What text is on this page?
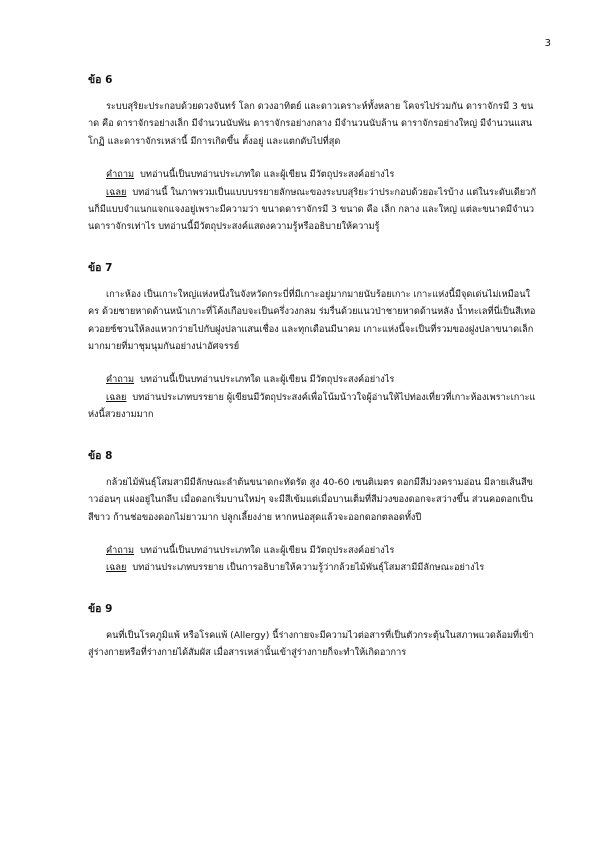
3
ข้อ 6

ระบบสุริยะประกอบด้วยดวงจันทร์ โลก ดวงอาทิตย์ และดาวเคราะห์ทั้งหลาย โคจรไปร่วมกัน ดาราจักรมี 3 ขนาด คือ ดาราจักรอย่างเล็ก มีจำนวนนับพัน ดาราจักรอย่างกลาง มีจำนวนนับล้าน ดาราจักรอย่างใหญ่ มีจำนวนแสนโกฏิ และดาราจักรเหล่านี้ มีการเกิดขึ้น ตั้งอยู่ และแตกดับไปที่สุด

คำถาม บทอ่านนี้เป็นบทอ่านประเภทใด และผู้เขียน มีวัตถุประสงค์อย่างไร

เฉลย บทอ่านนี้ ในภาพรวมเป็นแบบบรรยายลักษณะของระบบสุริยะว่าประกอบด้วยอะไรบ้าง แต่ในระดับเดียวกันก็มีแบบจำแนกแจกแจงอยู่เพราะมีความว่า ขนาดดาราจักรมี 3 ขนาด คือ เล็ก กลาง และใหญ่ แต่ละขนาดมีจำนวนดาราจักรเท่าไร บทอ่านนี้มีวัตถุประสงค์แสดงความรู้หรืออธิบายให้ความรู้

ข้อ 7

เกาะห้อง เป็นเกาะใหญ่แห่งหนึ่งในจังหวัดกระบี่ที่มีเกาะอยู่มากมายนับร้อยเกาะ เกาะแห่งนี้มีจุดเด่นไม่เหมือนใคร ด้วยชายหาดด้านหน้าเกาะที่โค้งเกือบจะเป็นครึ่งวงกลม ร่มรื่นด้วยแนวป่าชายหาดด้านหลัง น้ำทะเลที่นี่เป็นสีเทอควอยซ์ชวนให้ลงแหวกว่ายไปกับฝูงปลาแสนเชื่อง และทุกเดือนมีนาคม เกาะแห่งนี้จะเป็นที่รวมของฝูงปลาขนาดเล็กมากมายที่มาชุมนุมกันอย่างน่าอัศจรรย์

คำถาม บทอ่านนี้เป็นบทอ่านประเภทใด และผู้เขียน มีวัตถุประสงค์อย่างไร

เฉลย บทอ่านประเภทบรรยาย ผู้เขียนมีวัตถุประสงค์เพื่อโน้มน้าวใจผู้อ่านให้ไปท่องเที่ยวที่เกาะห้องเพราะเกาะแห่งนี้สวยงามมาก

ข้อ 8

กล้วยไม้พันธุ์โสมสามีมีลักษณะลำต้นขนาดกะทัดรัด สูง 40-60 เซนติเมตร ดอกมีสีม่วงครามอ่อน มีลายเส้นสีขาวอ่อนๆ แผ่งอยู่ในกลีบ เมื่อดอกเริ่มบานใหม่ๆ จะมีสีเข้มแต่เมื่อบานเต็มที่สีม่วงของดอกจะสว่างขึ้น ส่วนคอดอกเป็นสีขาว ก้านช่อของดอกไม่ยาวมาก ปลูกเลี้ยงง่าย หากหน่อสุดแล้วจะออกดอกตลอดทั้งปี

คำถาม บทอ่านนี้เป็นบทอ่านประเภทใด และผู้เขียน มีวัตถุประสงค์อย่างไร

เฉลย บทอ่านประเภทบรรยาย เป็นการอธิบายให้ความรู้ว่ากล้วยไม้พันธุ์โสมสามีมีลักษณะอย่างไร

ข้อ 9

คนที่เป็นโรคภูมิแพ้ หรือโรคแพ้ (Allergy) นี้ร่างกายจะมีความไวต่อสารที่เป็นตัวกระตุ้นในสภาพแวดล้อมที่เข้าสู่ร่างกายหรือที่ร่างกายได้สัมผัส เมื่อสารเหล่านั้นเข้าสู่ร่างกายก็จะทำให้เกิดอาการ
